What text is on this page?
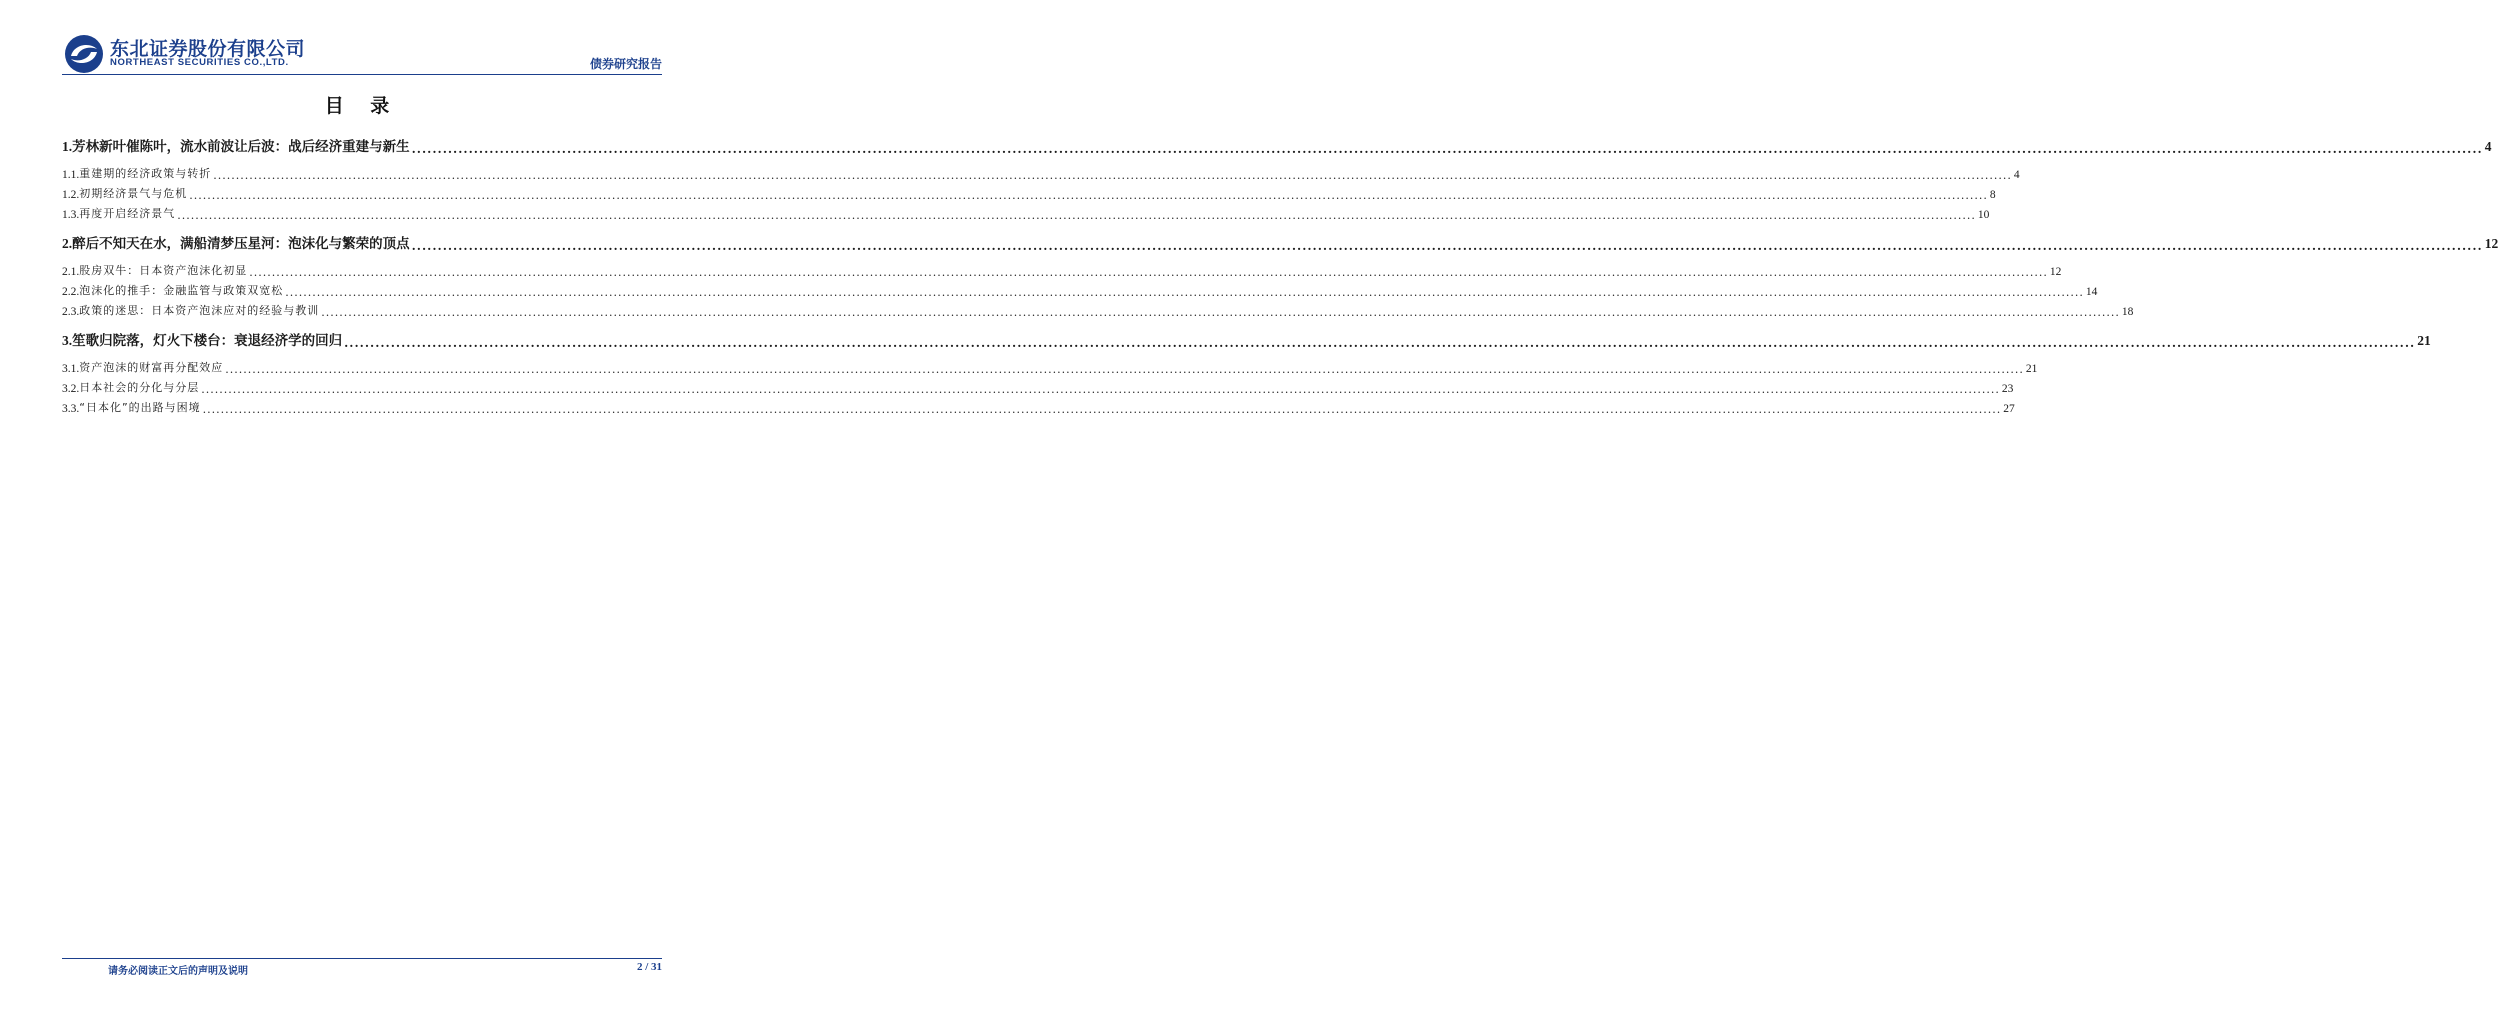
东北证券股份有限公司
NORTHEAST SECURITIES CO.,LTD.	债券研究报告
目 录
1. 芳林新叶催陈叶，流水前波让后波：战后经济重建与新生 ................................................................................................................................................................................................................................................................................................................................................................................................................ 4
1.1. 重建期的经济政策与转折 ................................................................................................................................................................................................................................................................................................................................................................................................................ 4
1.2. 初期经济景气与危机 ................................................................................................................................................................................................................................................................................................................................................................................................................ 8
1.3. 再度开启经济景气 ................................................................................................................................................................................................................................................................................................................................................................................................................ 10
2. 醉后不知天在水，满船清梦压星河：泡沫化与繁荣的顶点 ................................................................................................................................................................................................................................................................................................................................................................................................................ 12
2.1. 股房双牛：日本资产泡沫化初显 ................................................................................................................................................................................................................................................................................................................................................................................................................ 12
2.2. 泡沫化的推手：金融监管与政策双宽松 ................................................................................................................................................................................................................................................................................................................................................................................................................ 14
2.3. 政策的迷思：日本资产泡沫应对的经验与教训 ................................................................................................................................................................................................................................................................................................................................................................................................................ 18
3. 笙歌归院落，灯火下楼台：衰退经济学的回归 ................................................................................................................................................................................................................................................................................................................................................................................................................ 21
3.1. 资产泡沫的财富再分配效应 ................................................................................................................................................................................................................................................................................................................................................................................................................ 21
3.2. 日本社会的分化与分层 ................................................................................................................................................................................................................................................................................................................................................................................................................ 23
3.3. “日本化”的出路与困境 ................................................................................................................................................................................................................................................................................................................................................................................................................ 27
请务必阅读正文后的声明及说明	2 / 31
